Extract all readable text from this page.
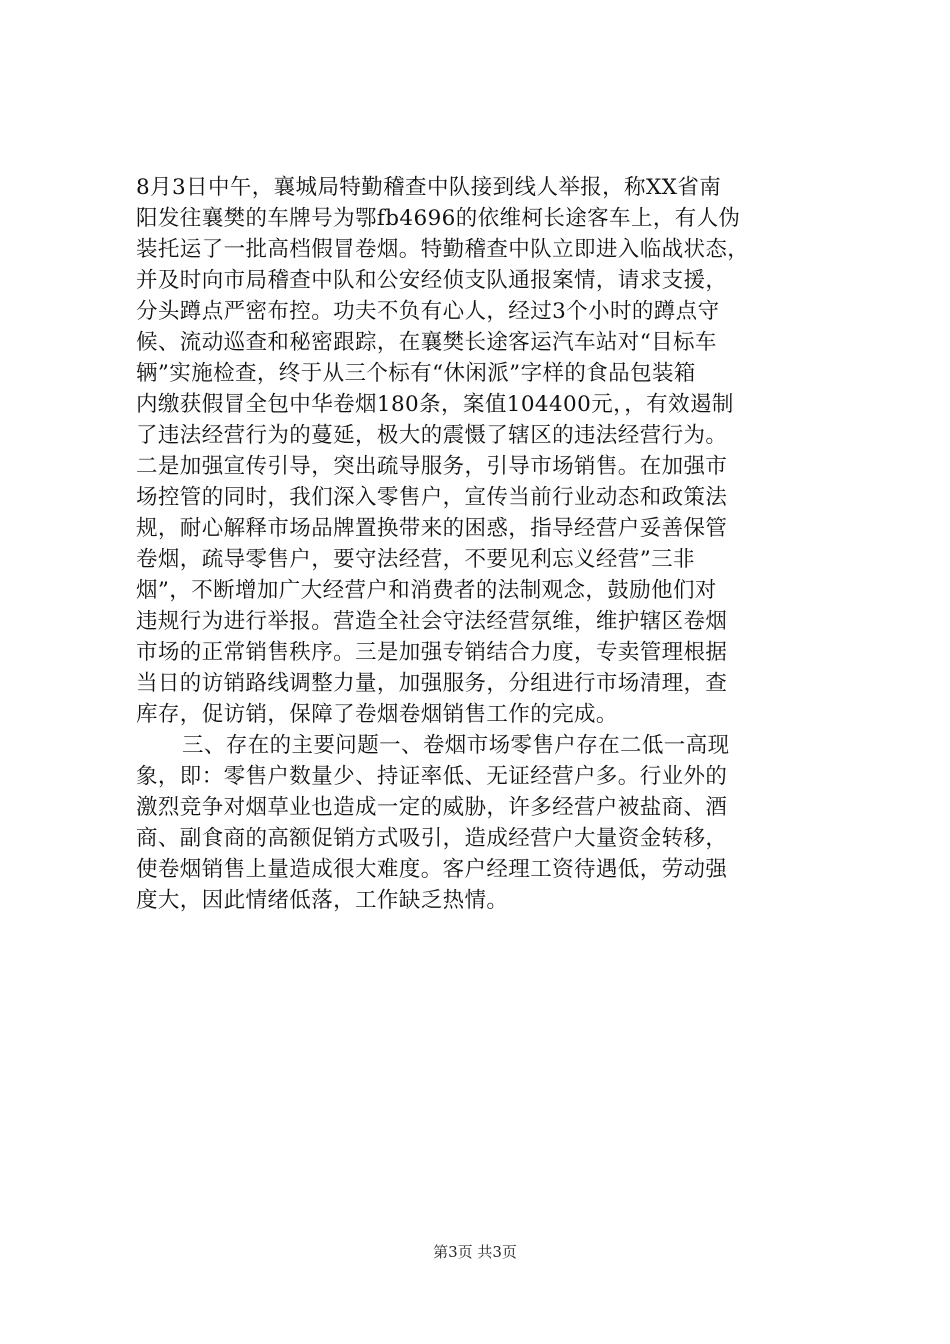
8月3日中午，襄城局特勤稽查中队接到线人举报，称XX省南
阳发往襄樊的车牌号为鄂fb4696的依维柯长途客车上，有人伪
装托运了一批高档假冒卷烟。特勤稽查中队立即进入临战状态，
并及时向市局稽查中队和公安经侦支队通报案情，请求支援，
分头蹲点严密布控。功夫不负有心人，经过3个小时的蹲点守
候、流动巡查和秘密跟踪，在襄樊长途客运汽车站对“目标车
辆”实施检查，终于从三个标有“休闲派”字样的食品包装箱
内缴获假冒全包中华卷烟180条，案值104400元，，有效遏制
了违法经营行为的蔓延，极大的震慑了辖区的违法经营行为。
二是加强宣传引导，突出疏导服务，引导市场销售。在加强市
场控管的同时，我们深入零售户，宣传当前行业动态和政策法
规，耐心解释市场品牌置换带来的困惑，指导经营户妥善保管
卷烟，疏导零售户，要守法经营，不要见利忘义经营”三非
烟”，不断增加广大经营户和消费者的法制观念，鼓励他们对
违规行为进行举报。营造全社会守法经营氛维，维护辖区卷烟
市场的正常销售秩序。三是加强专销结合力度，专卖管理根据
当日的访销路线调整力量，加强服务，分组进行市场清理，查
库存，促访销，保障了卷烟卷烟销售工作的完成。
三、存在的主要问题一、卷烟市场零售户存在二低一高现
象，即：零售户数量少、持证率低、无证经营户多。行业外的
激烈竞争对烟草业也造成一定的威胁，许多经营户被盐商、酒
商、副食商的高额促销方式吸引，造成经营户大量资金转移，
使卷烟销售上量造成很大难度。客户经理工资待遇低，劳动强
度大，因此情绪低落，工作缺乏热情。
第3页 共3页
